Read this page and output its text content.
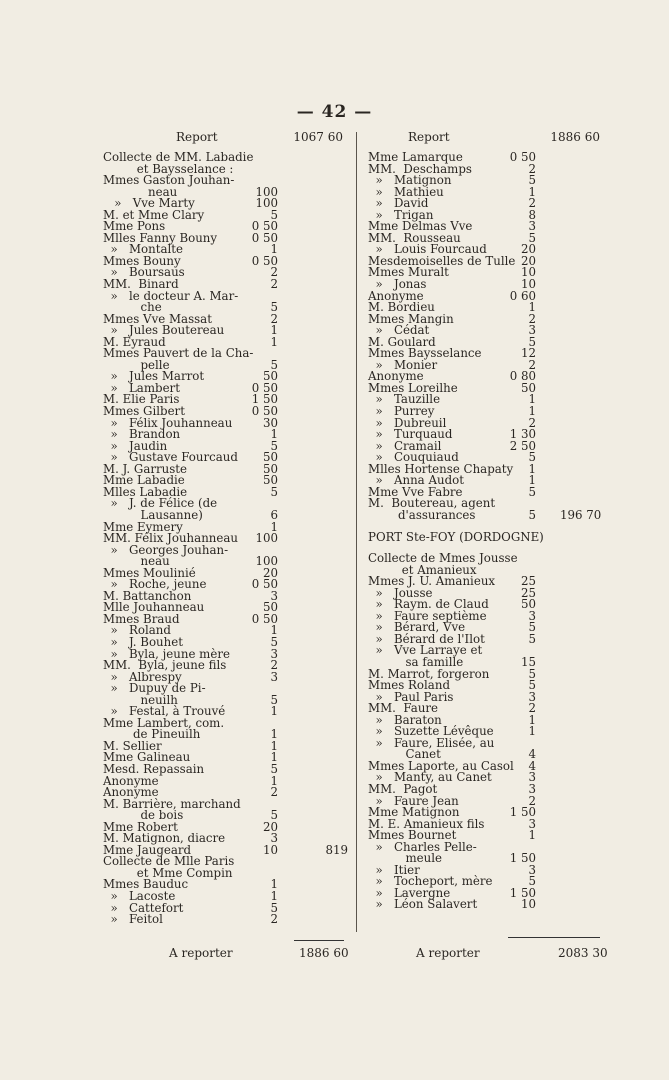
— 42 —
Report	1067 60
Collecte de MM. Labadie
et Baysselance :
Mmes Gaston Jouhan-
neau	100
»   Vve Marty	100
M. et Mme Clary	5
Mme Pons	0 50
Mlles Fanny Bouny	0 50
»   Montalte	1
Mmes Bouny	0 50
»   Boursaus	2
MM.  Binard	2
»   le docteur A. Mar-
che	5
Mmes Vve Massat	2
»   Jules Boutereau	1
M. Eyraud	1
Mmes Pauvert de la Cha-
pelle	5
»   Jules Marrot	50
»   Lambert	0 50
M. Elie Paris	1 50
Mmes Gilbert	0 50
»   Félix Jouhanneau	30
»   Brandon	1
»   Jaudin	5
»   Gustave Fourcaud	50
M. J. Garruste	50
Mme Labadie	50
Mlles Labadie	5
»   J. de Félice (de
Lausanne)	6
Mme Eymery	1
MM. Félix Jouhanneau	100
»   Georges Jouhan-
neau	100
Mmes Moulinié	20
»   Roche, jeune	0 50
M. Battanchon	3
Mlle Jouhanneau	50
Mmes Braud	0 50
»   Roland	1
»   J. Bouhet	5
»   Byla, jeune mère	3
MM.  Byla, jeune fils	2
»   Albrespy	3
»   Dupuy de Pi-
neuilh	5
»   Festal, à Trouvé	1
Mme Lambert, com.
de Pineuilh	1
M. Sellier	1
Mme Galineau	1
Mesd. Repassain	5
Anonyme	1
Anonyme	2
M. Barrière, marchand
de bois	5
Mme Robert	20
M. Matignon, diacre	3
Mme Jaugeard	10	819
Collecte de Mlle Paris
et Mme Compin
Mmes Bauduc	1
»   Lacoste	1
»   Cattefort	5
»   Feitol	2
Report	1886 60
Mme Lamarque	0 50
MM.  Deschamps	2
»   Matignon	5
»   Mathieu	1
»   David	2
»   Trigan	8
Mme Delmas Vve	3
MM.  Rousseau	5
»   Louis Fourcaud	20
Mesdemoiselles de Tulle 20
Mmes Muralt	10
»   Jonas	10
Anonyme	0 60
M. Bordieu	1
Mmes Mangin	2
»   Cédat	3
M. Goulard	5
Mmes Baysselance	12
»   Monier	2
Anonyme	0 80
Mmes Loreilhe	50
»   Tauzille	1
»   Purrey	1
»   Dubreuil	2
»   Turquaud	1 30
»   Cramail	2 50
»   Couquiaud	5
Mlles Hortense Chapaty	1
»   Anna Audot	1
Mme Vve Fabre	5
M.  Boutereau, agent
d'assurances	5 196 70
PORT Ste-FOY (DORDOGNE)
Collecte de Mmes Jousse
et Amanieux
Mmes J. U. Amanieux	25
»   Jousse	25
»   Raym. de Claud	50
»   Faure septième	3
»   Bérard, Vve	5
»   Bérard de l'Ilot	5
»   Vve Larraye et
sa famille	15
M. Marrot, forgeron	5
Mmes Roland	5
»   Paul Paris	3
MM.  Faure	2
»   Baraton	1
»   Suzette Lévêque	1
»   Faure, Elisée, au
Canet	4
Mmes Laporte, au Casol	4
»   Manty, au Canet	3
MM.  Pagot	3
»   Faure Jean	2
Mme Matignon	1 50
M. E. Amanieux fils	3
Mmes Bournet	1
»   Charles Pelle-
meule	1 50
»   Itier	3
»   Tocheport, mère	5
»   Lavergne	1 50
»   Léon Salavert	10
A reporter	1886 60	A reporter	2083 30
